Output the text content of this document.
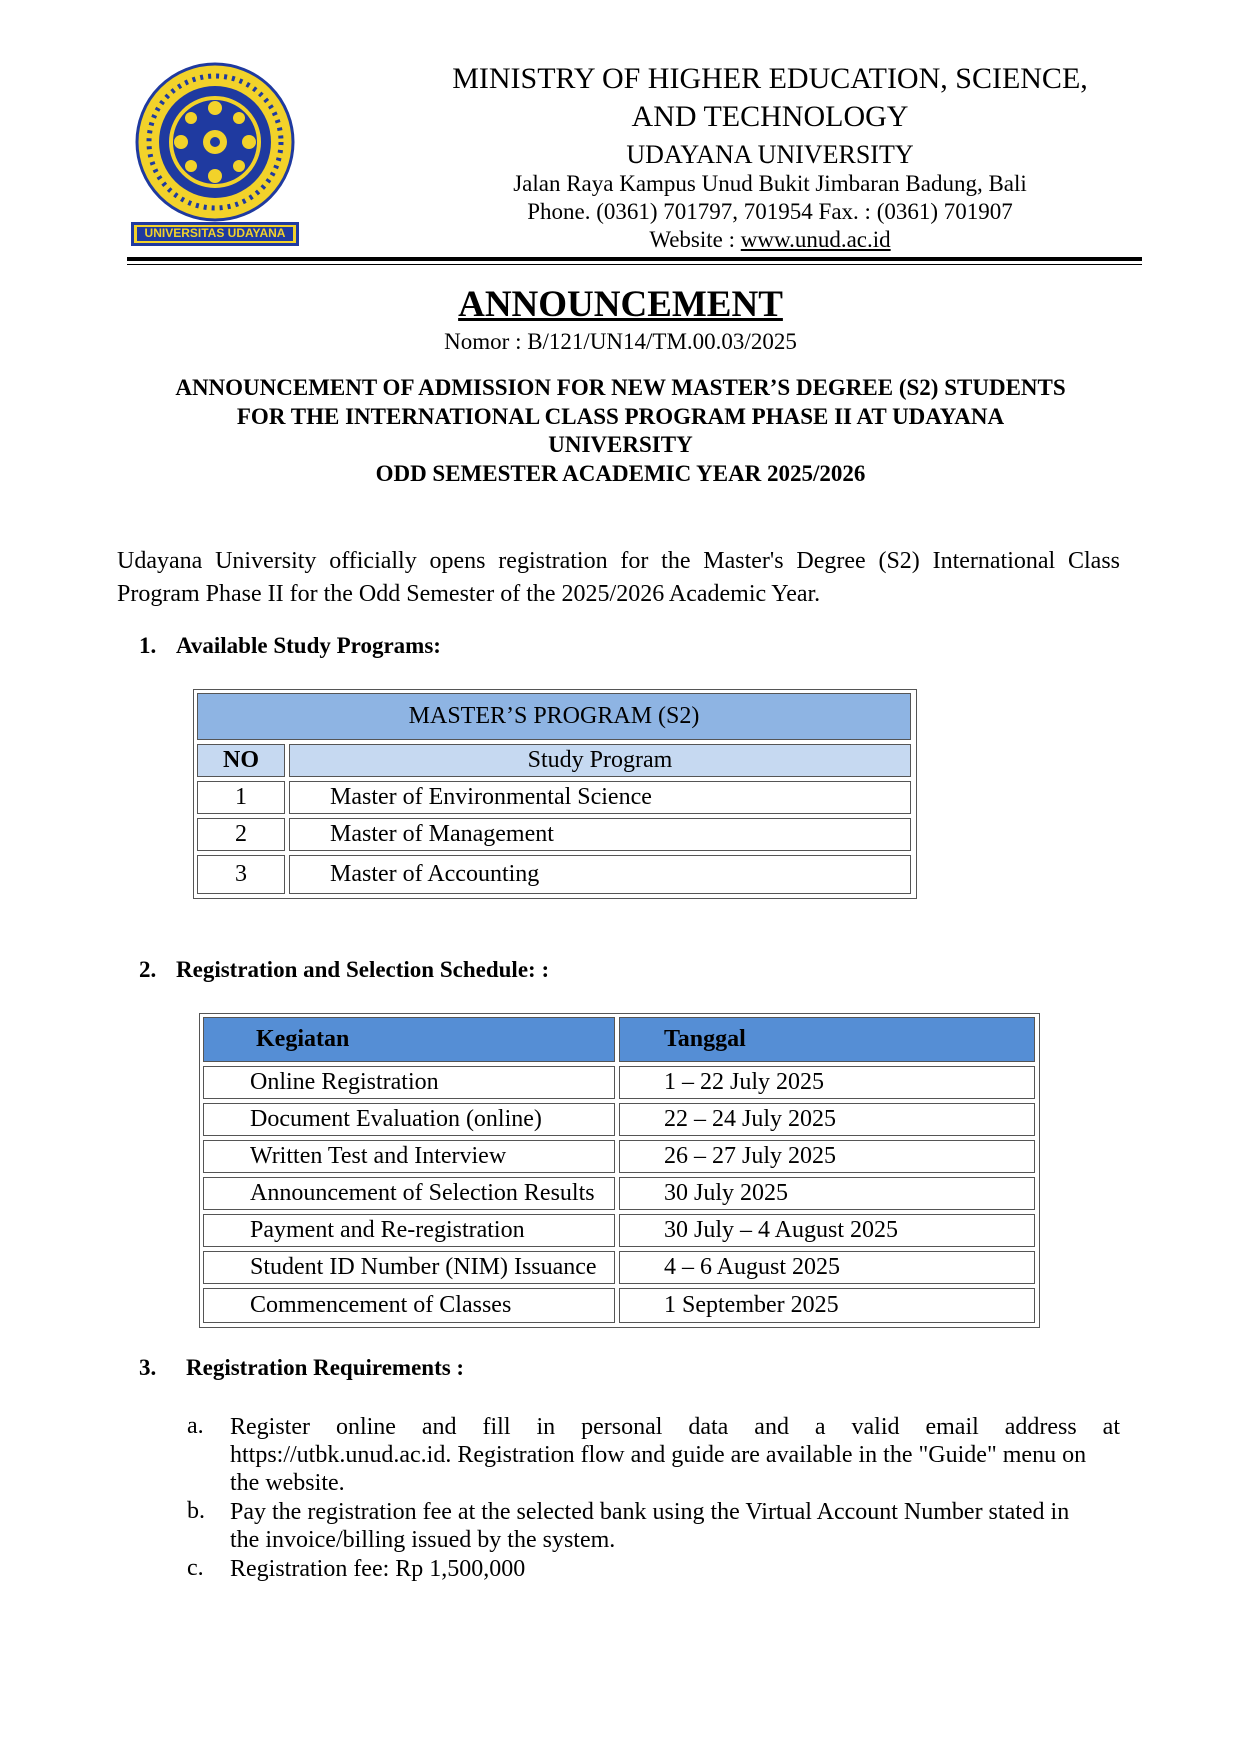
UNIVERSITAS UDAYANA
MINISTRY OF HIGHER EDUCATION, SCIENCE,
AND TECHNOLOGY
UDAYANA UNIVERSITY
Jalan Raya Kampus Unud Bukit Jimbaran Badung, Bali
Phone. (0361) 701797, 701954 Fax. : (0361) 701907
Website : www.unud.ac.id
ANNOUNCEMENT
Nomor : B/121/UN14/TM.00.03/2025
ANNOUNCEMENT OF ADMISSION FOR NEW MASTER’S DEGREE (S2) STUDENTS
FOR THE INTERNATIONAL CLASS PROGRAM PHASE II AT UDAYANA
UNIVERSITY
ODD SEMESTER ACADEMIC YEAR 2025/2026
Udayana University officially opens registration for the Master's Degree (S2) International Class
Program Phase II for the Odd Semester of the 2025/2026 Academic Year.
1. Available Study Programs:
MASTER’S PROGRAM (S2)
NO	Study Program
1	Master of Environmental Science
2	Master of Management
3	Master of Accounting
2. Registration and Selection Schedule: :
Kegiatan	Tanggal
Online Registration	1 – 22 July 2025
Document Evaluation (online)	22 – 24 July 2025
Written Test and Interview	26 – 27 July 2025
Announcement of Selection Results	30 July 2025
Payment and Re-registration	30 July – 4 August 2025
Student ID Number (NIM) Issuance	4 – 6 August 2025
Commencement of Classes	1 September 2025
3. Registration Requirements :
a. Register online and fill in personal data and a valid email address at
https://utbk.unud.ac.id. Registration flow and guide are available in the "Guide" menu on
the website.
b. Pay the registration fee at the selected bank using the Virtual Account Number stated in
the invoice/billing issued by the system.
c. Registration fee: Rp 1,500,000
